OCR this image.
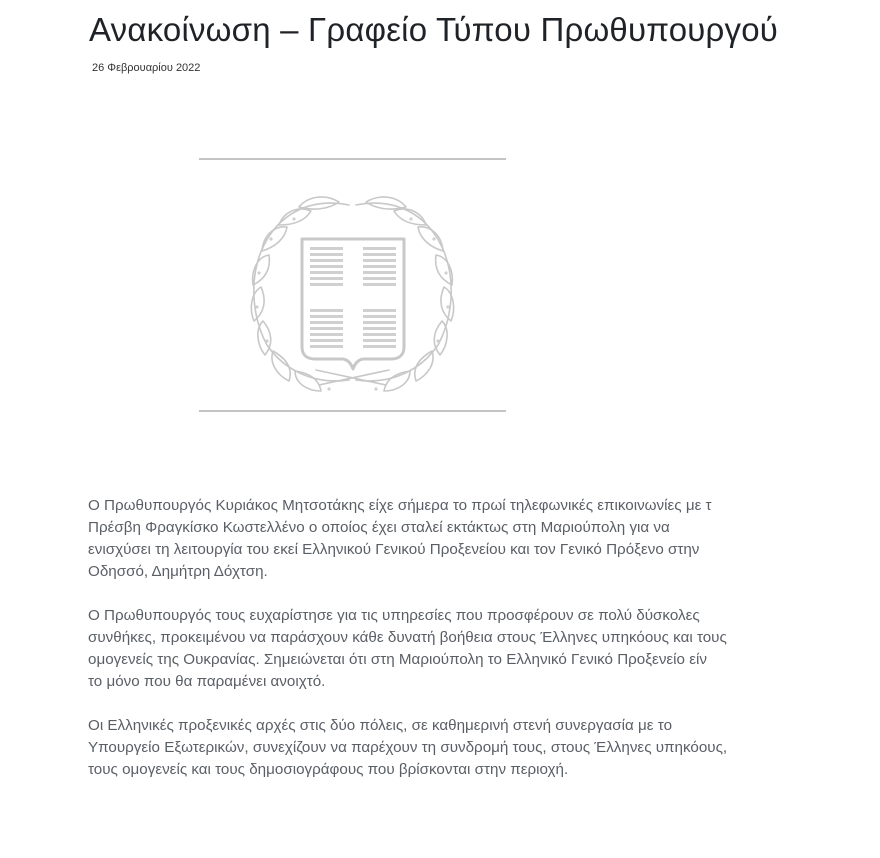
Ανακοίνωση – Γραφείο Τύπου Πρωθυπουργού
26 Φεβρουαρίου 2022

Ο Πρωθυπουργός Κυριάκος Μητσοτάκης είχε σήμερα το πρωί τηλεφωνικές επικοινωνίες με τ
Πρέσβη Φραγκίσκο Κωστελλένο ο οποίος έχει σταλεί εκτάκτως στη Μαριούπολη για να
ενισχύσει τη λειτουργία του εκεί Ελληνικού Γενικού Προξενείου και τον Γενικό Πρόξενο στην
Οδησσό, Δημήτρη Δόχτση.

Ο Πρωθυπουργός τους ευχαρίστησε για τις υπηρεσίες που προσφέρουν σε πολύ δύσκολες
συνθήκες, προκειμένου να παράσχουν κάθε δυνατή βοήθεια στους Έλληνες υπηκόους και τους
ομογενείς της Ουκρανίας. Σημειώνεται ότι στη Μαριούπολη το Ελληνικό Γενικό Προξενείο είν
το μόνο που θα παραμένει ανοιχτό.

Οι Ελληνικές προξενικές αρχές στις δύο πόλεις, σε καθημερινή στενή συνεργασία με το
Υπουργείο Εξωτερικών, συνεχίζουν να παρέχουν τη συνδρομή τους, στους Έλληνες υπηκόους,
τους ομογενείς και τους δημοσιογράφους που βρίσκονται στην περιοχή.
